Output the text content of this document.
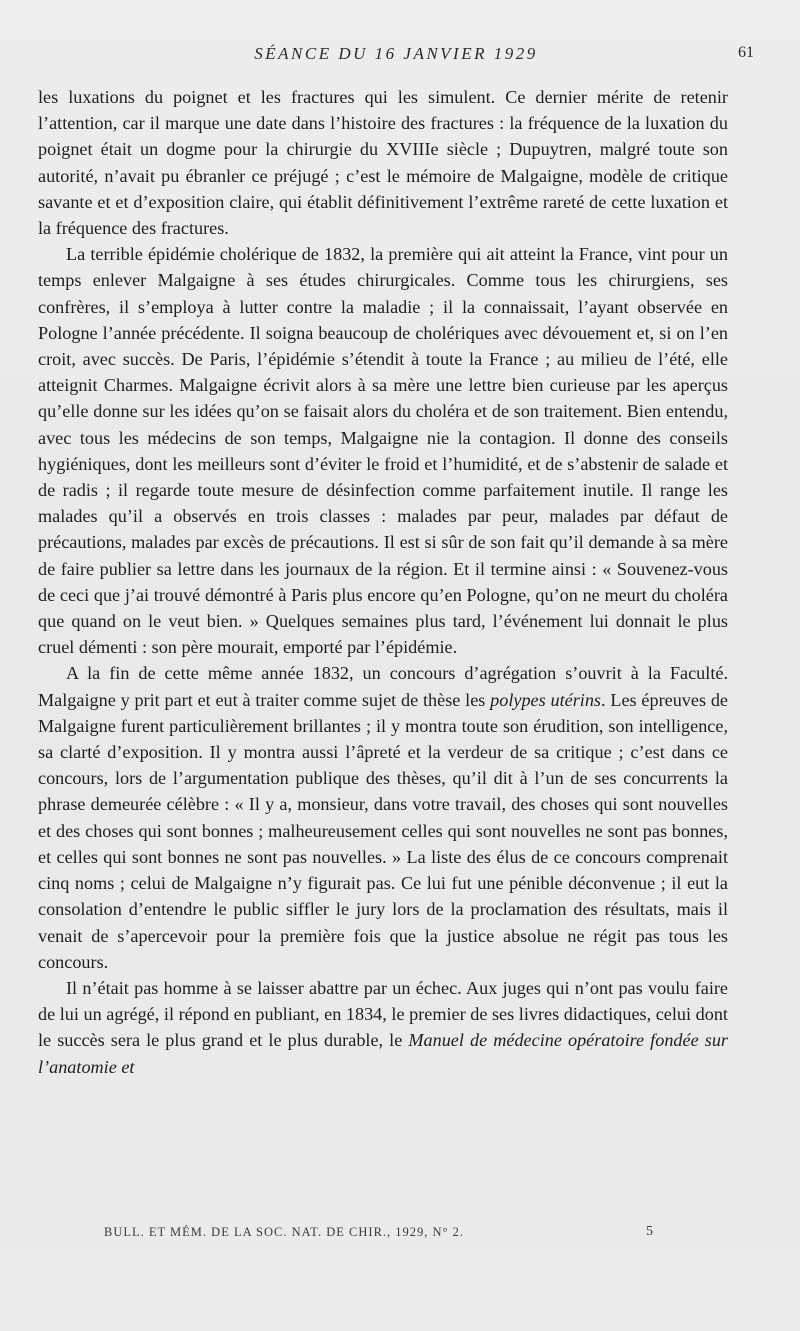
SÉANCE DU 16 JANVIER 1929	61

les luxations du poignet et les fractures qui les simulent. Ce dernier mérite de retenir l’attention, car il marque une date dans l’histoire des fractures : la fréquence de la luxation du poignet était un dogme pour la chirurgie du XVIIIe siècle ; Dupuytren, malgré toute son autorité, n’avait pu ébranler ce préjugé ; c’est le mémoire de Malgaigne, modèle de critique savante et et d’exposition claire, qui établit définitivement l’extrême rareté de cette luxation et la fréquence des fractures.

La terrible épidémie cholérique de 1832, la première qui ait atteint la France, vint pour un temps enlever Malgaigne à ses études chirurgicales. Comme tous les chirurgiens, ses confrères, il s’employa à lutter contre la maladie ; il la connaissait, l’ayant observée en Pologne l’année précédente. Il soigna beaucoup de cholériques avec dévouement et, si on l’en croit, avec succès. De Paris, l’épidémie s’étendit à toute la France ; au milieu de l’été, elle atteignit Charmes. Malgaigne écrivit alors à sa mère une lettre bien curieuse par les aperçus qu’elle donne sur les idées qu’on se faisait alors du choléra et de son traitement. Bien entendu, avec tous les médecins de son temps, Malgaigne nie la contagion. Il donne des conseils hygiéniques, dont les meilleurs sont d’éviter le froid et l’humidité, et de s’abstenir de salade et de radis ; il regarde toute mesure de désinfection comme parfaitement inutile. Il range les malades qu’il a observés en trois classes : malades par peur, malades par défaut de précautions, malades par excès de précautions. Il est si sûr de son fait qu’il demande à sa mère de faire publier sa lettre dans les journaux de la région. Et il termine ainsi : « Souvenez-vous de ceci que j’ai trouvé démontré à Paris plus encore qu’en Pologne, qu’on ne meurt du choléra que quand on le veut bien. » Quelques semaines plus tard, l’événement lui donnait le plus cruel démenti : son père mourait, emporté par l’épidémie.

A la fin de cette même année 1832, un concours d’agrégation s’ouvrit à la Faculté. Malgaigne y prit part et eut à traiter comme sujet de thèse les polypes utérins. Les épreuves de Malgaigne furent particulièrement brillantes ; il y montra toute son érudition, son intelligence, sa clarté d’exposition. Il y montra aussi l’âpreté et la verdeur de sa critique ; c’est dans ce concours, lors de l’argumentation publique des thèses, qu’il dit à l’un de ses concurrents la phrase demeurée célèbre : « Il y a, monsieur, dans votre travail, des choses qui sont nouvelles et des choses qui sont bonnes ; malheureusement celles qui sont nouvelles ne sont pas bonnes, et celles qui sont bonnes ne sont pas nouvelles. » La liste des élus de ce concours comprenait cinq noms ; celui de Malgaigne n’y figurait pas. Ce lui fut une pénible déconvenue ; il eut la consolation d’entendre le public siffler le jury lors de la proclamation des résultats, mais il venait de s’apercevoir pour la première fois que la justice absolue ne régit pas tous les concours.

Il n’était pas homme à se laisser abattre par un échec. Aux juges qui n’ont pas voulu faire de lui un agrégé, il répond en publiant, en 1834, le premier de ses livres didactiques, celui dont le succès sera le plus grand et le plus durable, le Manuel de médecine opératoire fondée sur l’anatomie et

BULL. ET MÉM. DE LA SOC. NAT. DE CHIR., 1929, N° 2.	5
